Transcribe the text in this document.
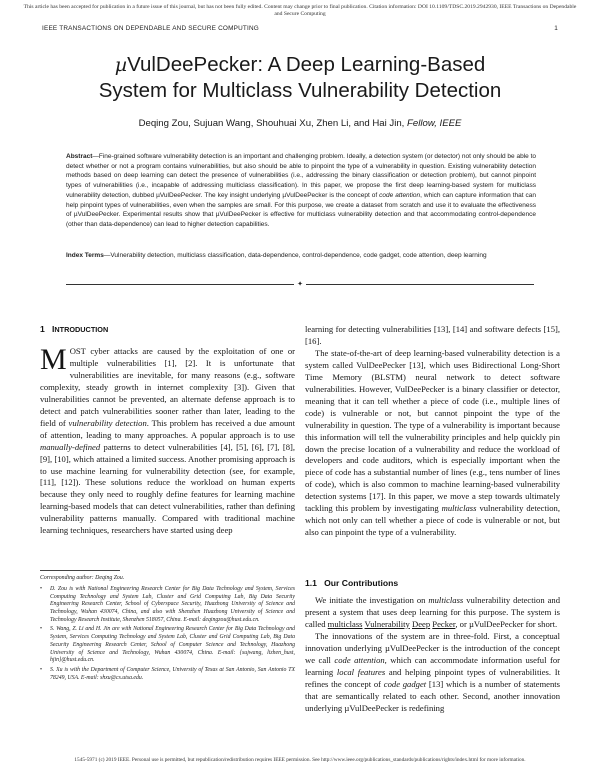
This article has been accepted for publication in a future issue of this journal, but has not been fully edited. Content may change prior to final publication. Citation information: DOI 10.1109/TDSC.2019.2942930, IEEE Transactions on Dependable and Secure Computing
IEEE TRANSACTIONS ON DEPENDABLE AND SECURE COMPUTING	1
µVulDeePecker: A Deep Learning-Based
System for Multiclass Vulnerability Detection
Deqing Zou, Sujuan Wang, Shouhuai Xu, Zhen Li, and Hai Jin, Fellow, IEEE
Abstract—Fine-grained software vulnerability detection is an important and challenging problem. Ideally, a detection system (or detector) not only should be able to detect whether or not a program contains vulnerabilities, but also should be able to pinpoint the type of a vulnerability in question. Existing vulnerability detection methods based on deep learning can detect the presence of vulnerabilities (i.e., addressing the binary classification or detection problem), but cannot pinpoint types of vulnerabilities (i.e., incapable of addressing multiclass classification). In this paper, we propose the first deep learning-based system for multiclass vulnerability detection, dubbed µVulDeePecker. The key insight underlying µVulDeePecker is the concept of code attention, which can capture information that can help pinpoint types of vulnerabilities, even when the samples are small. For this purpose, we create a dataset from scratch and use it to evaluate the effectiveness of µVulDeePecker. Experimental results show that µVulDeePecker is effective for multiclass vulnerability detection and that accommodating control-dependence (other than data-dependence) can lead to higher detection capabilities.
Index Terms—Vulnerability detection, multiclass classification, data-dependence, control-dependence, code gadget, code attention, deep learning
✦
1 INTRODUCTION

MOST cyber attacks are caused by the exploitation of one or multiple vulnerabilities [1], [2]. It is unfortunate that vulnerabilities are inevitable, for many reasons (e.g., software complexity, steady growth in internet complexity [3]). Given that vulnerabilities cannot be prevented, an alternate defense approach is to detect and patch vulnerabilities sooner rather than later, leading to the field of vulnerability detection. This problem has received a due amount of attention, leading to many approaches. A popular approach is to use manually-defined patterns to detect vulnerabilities [4], [5], [6], [7], [8], [9], [10], which attained a limited success. Another promising approach is to use machine learning for vulnerability detection (see, for example, [11], [12]). These solutions reduce the workload on human experts because they only need to roughly define features for learning machine learning-based models that can detect vulnerabilities, rather than defining vulnerability patterns manually. Compared with traditional machine learning techniques, researchers have started using deep

Corresponding author: Deqing Zou.

• D. Zou is with National Engineering Research Center for Big Data Technology and System, Services Computing Technology and System Lab, Cluster and Grid Computing Lab, Big Data Security Engineering Research Center, School of Cyberspace Security, Huazhong University of Science and Technology, Wuhan 430074, China, and also with Shenzhen Huazhong University of Science and Technology Research Institute, Shenzhen 518057, China. E-mail: deqingzou@hust.edu.cn.
• S. Wang, Z. Li and H. Jin are with National Engineering Research Center for Big Data Technology and System, Services Computing Technology and System Lab, Cluster and Grid Computing Lab, Big Data Security Engineering Research Center, School of Computer Science and Technology, Huazhong University of Science and Technology, Wuhan 430074, China. E-mail: {sujwang, lizhen_hust, hjin}@hust.edu.cn.
• S. Xu is with the Department of Computer Science, University of Texas at San Antonio, San Antonio TX 78249, USA. E-mail: shxu@cs.utsa.edu.

learning for detecting vulnerabilities [13], [14] and software defects [15], [16].

The state-of-the-art of deep learning-based vulnerability detection is a system called VulDeePecker [13], which uses Bidirectional Long-Short Time Memory (BLSTM) neural network to detect software vulnerabilities. However, VulDeePecker is a binary classifier or detector, meaning that it can tell whether a piece of code (i.e., multiple lines of code) is vulnerable or not, but cannot pinpoint the type of the vulnerability in question. The type of a vulnerability is important because this information will tell the vulnerability principles and help quickly pin down the precise location of a vulnerability and reduce the workload of developers and code auditors, which is especially important when the piece of code has a substantial number of lines (e.g., tens number of lines of code), which is also common to machine learning-based vulnerability detection systems [17]. In this paper, we move a step towards ultimately tackling this problem by investigating multiclass vulnerability detection, which not only can tell whether a piece of code is vulnerable or not, but also can pinpoint the type of a vulnerability.

1.1 Our Contributions

We initiate the investigation on multiclass vulnerability detection and present a system that uses deep learning for this purpose. The system is called multiclass Vulnerability Deep Pecker, or µVulDeePecker for short.

The innovations of the system are in three-fold. First, a conceptual innovation underlying µVulDeePecker is the introduction of the concept we call code attention, which can accommodate information useful for learning local features and helping pinpoint types of vulnerabilities. It refines the concept of code gadget [13] which is a number of statements that are semantically related to each other. Second, another innovation underlying µVulDeePecker is redefining

1545-5971 (c) 2019 IEEE. Personal use is permitted, but republication/redistribution requires IEEE permission. See http://www.ieee.org/publications_standards/publications/rights/index.html for more information.
